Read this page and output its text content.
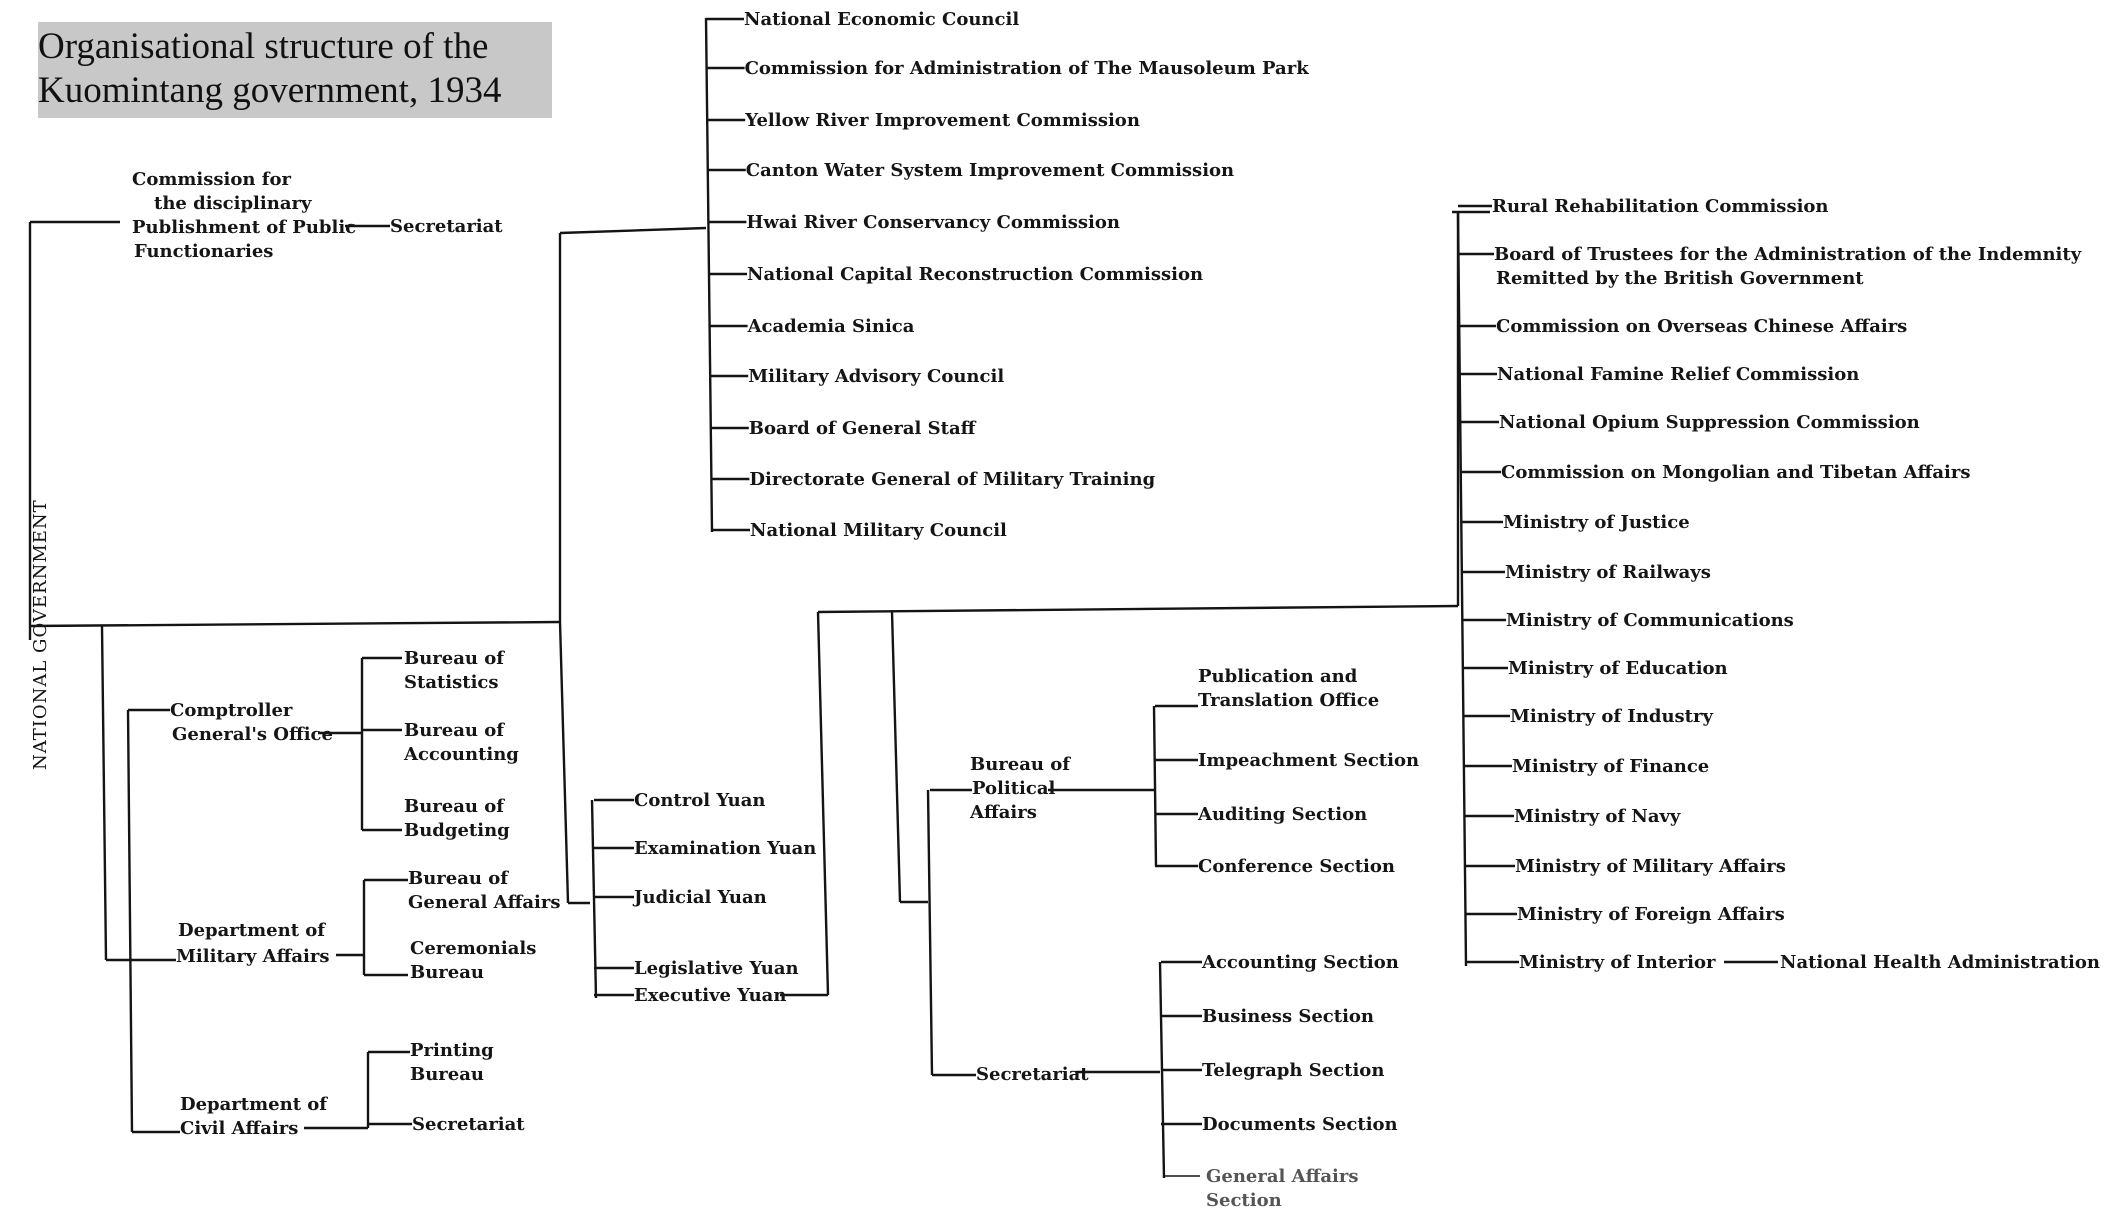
Organisational structure of the
Kuomintang government, 1934
NATIONAL GOVERNMENT
Commission for
the disciplinary
Publishment of Public
Functionaries
Secretariat
National Economic Council
Commission for Administration of The Mausoleum Park
Yellow River Improvement Commission
Canton Water System Improvement Commission
Hwai River Conservancy Commission
National Capital Reconstruction Commission
Academia Sinica
Military Advisory Council
Board of General Staff
Directorate General of Military Training
National Military Council
Comptroller
General's Office
Bureau of
Statistics
Bureau of
Accounting
Bureau of
Budgeting
Department of
Military Affairs
Bureau of
General Affairs
Ceremonials
Bureau
Department of
Civil Affairs
Printing
Bureau
Secretariat
Control Yuan
Examination Yuan
Judicial Yuan
Legislative Yuan
Executive Yuan
Bureau of
Political
Affairs
Publication and
Translation Office
Impeachment Section
Auditing Section
Conference Section
Secretariat
Accounting Section
Business Section
Telegraph Section
Documents Section
General Affairs
Section
Rural Rehabilitation Commission
Board of Trustees for the Administration of the Indemnity
Remitted by the British Government
Commission on Overseas Chinese Affairs
National Famine Relief Commission
National Opium Suppression Commission
Commission on Mongolian and Tibetan Affairs
Ministry of Justice
Ministry of Railways
Ministry of Communications
Ministry of Education
Ministry of Industry
Ministry of Finance
Ministry of Navy
Ministry of Military Affairs
Ministry of Foreign Affairs
Ministry of Interior	National Health Administration
